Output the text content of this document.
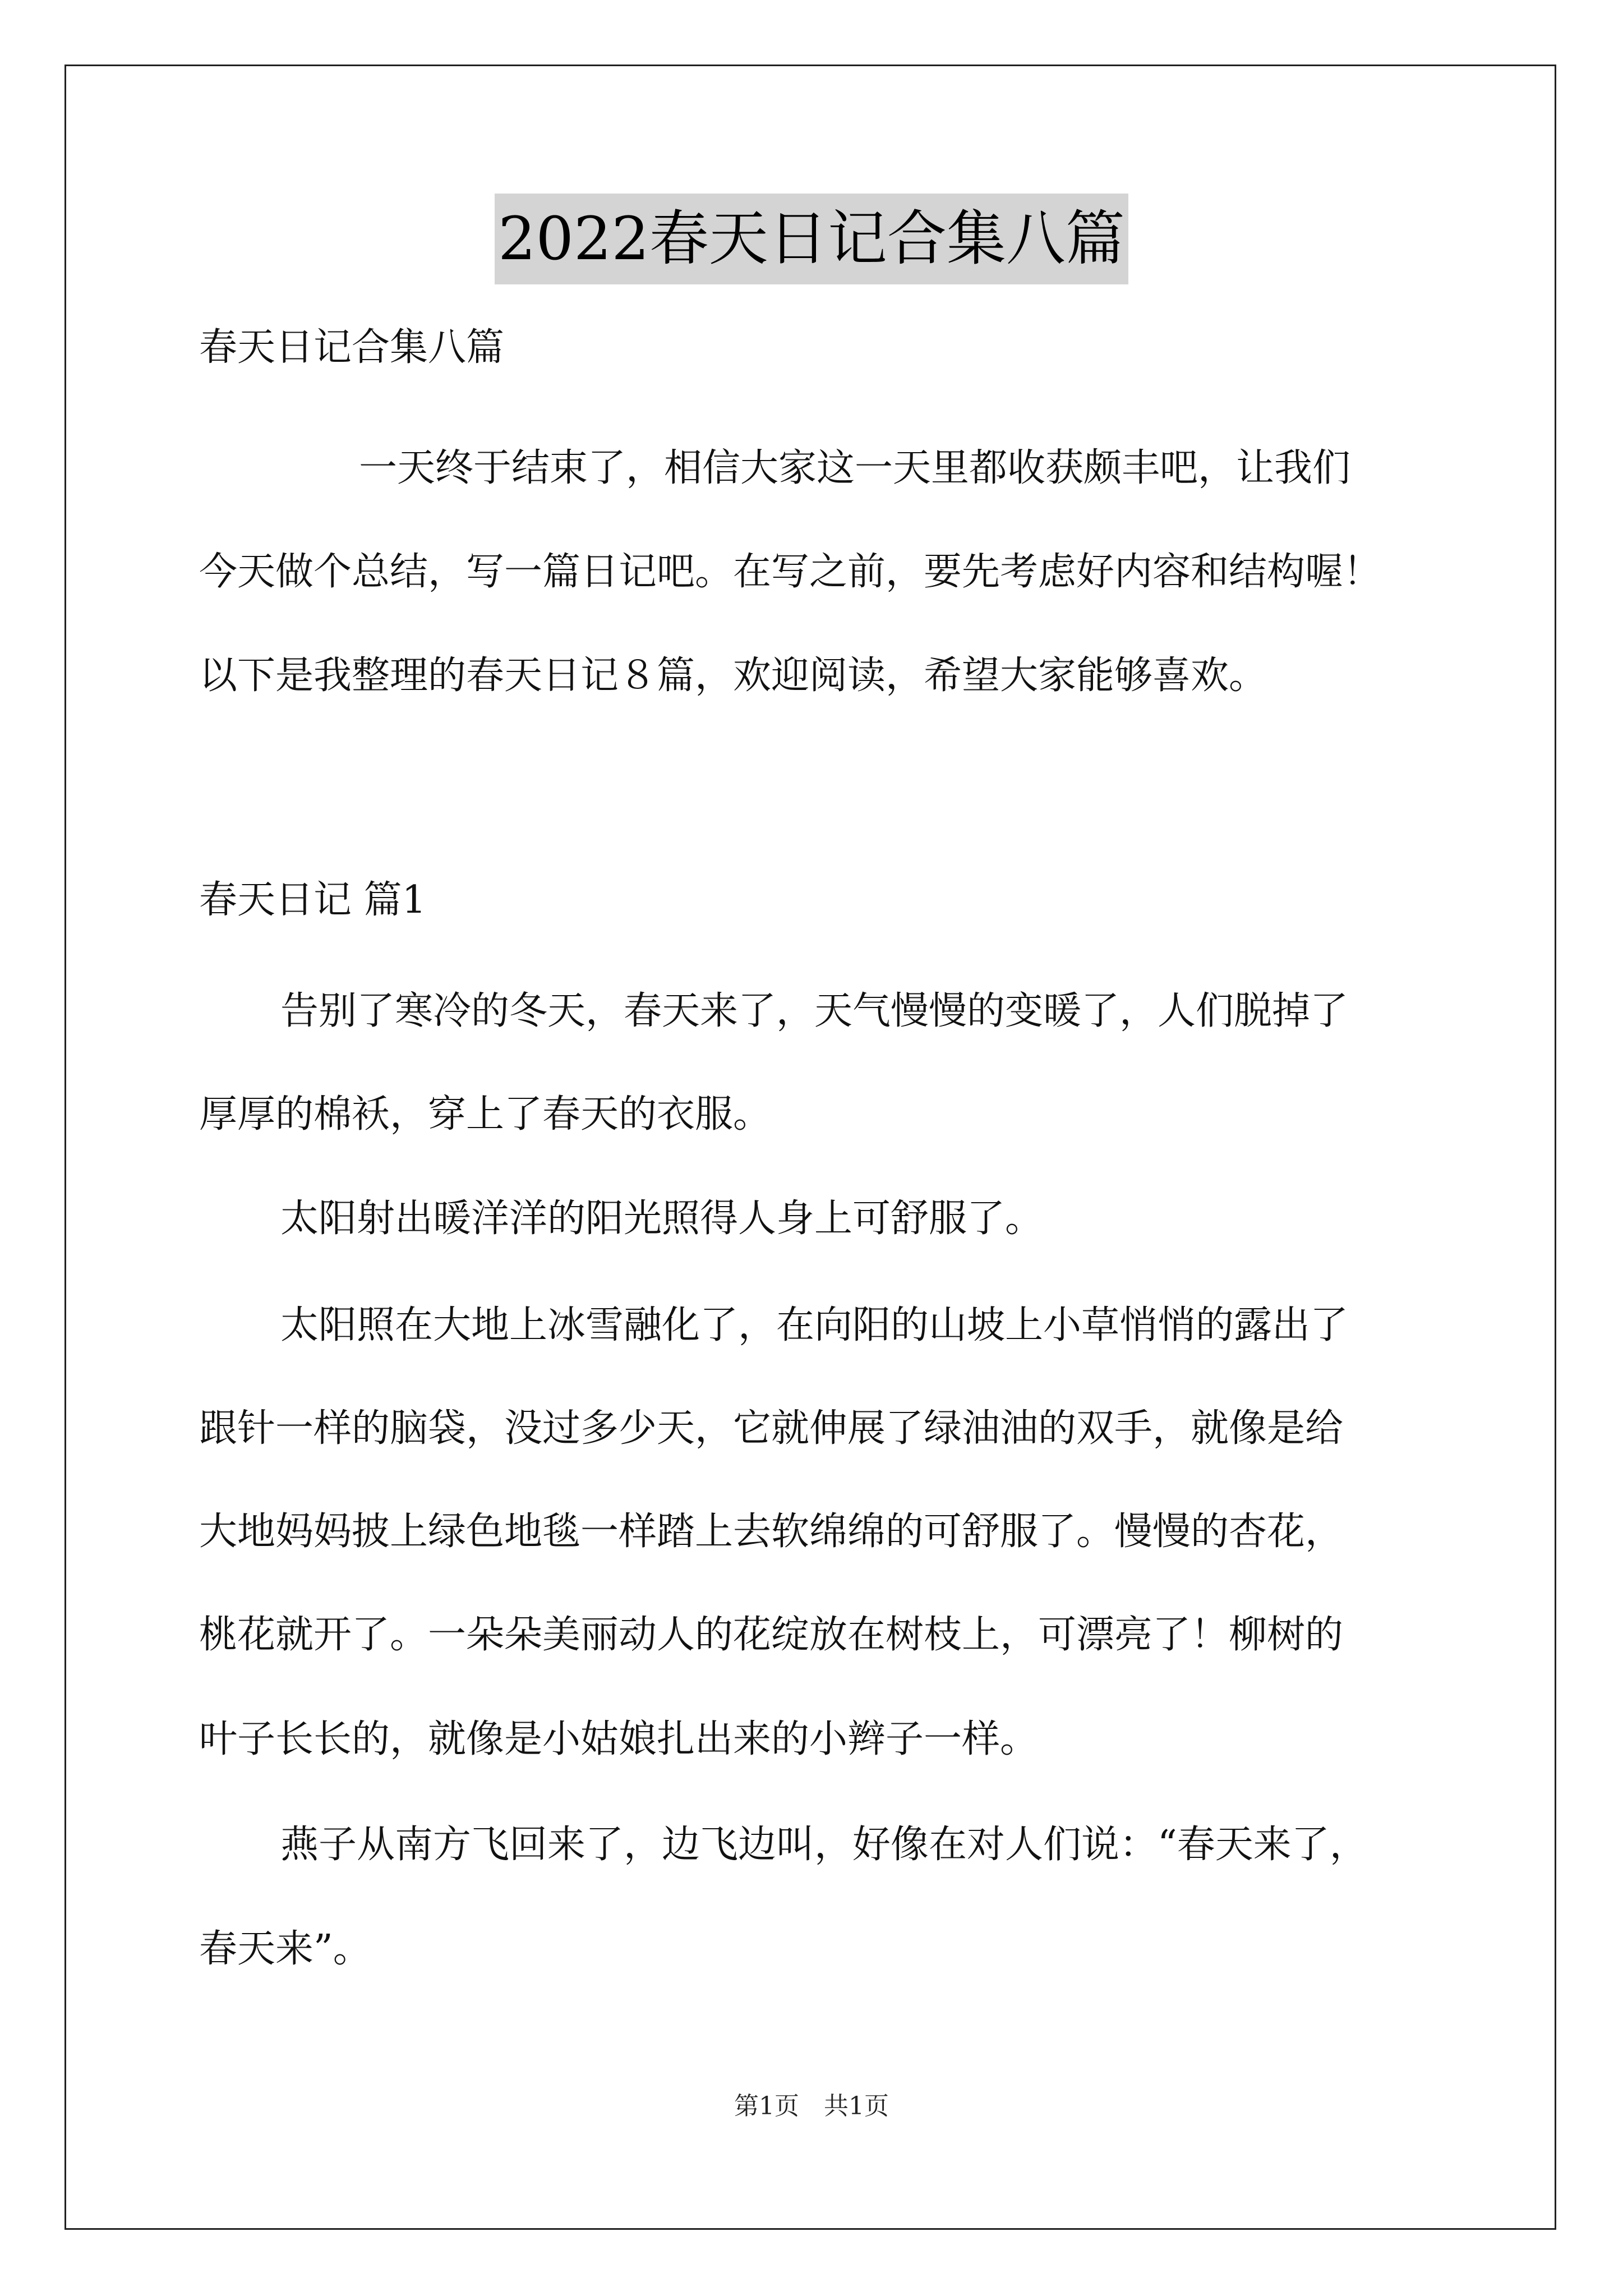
2022春天日记合集八篇
春天日记合集八篇
一天终于结束了，相信大家这一天里都收获颇丰吧，让我们
今天做个总结，写一篇日记吧。在写之前，要先考虑好内容和结构喔！
以下是我整理的春天日记８篇，欢迎阅读，希望大家能够喜欢。
春天日记 篇1
告别了寒冷的冬天，春天来了，天气慢慢的变暖了，人们脱掉了
厚厚的棉袄，穿上了春天的衣服。
太阳射出暖洋洋的阳光照得人身上可舒服了。
太阳照在大地上冰雪融化了，在向阳的山坡上小草悄悄的露出了
跟针一样的脑袋，没过多少天，它就伸展了绿油油的双手，就像是给
大地妈妈披上绿色地毯一样踏上去软绵绵的可舒服了。慢慢的杏花，
桃花就开了。一朵朵美丽动人的花绽放在树枝上，可漂亮了！柳树的
叶子长长的，就像是小姑娘扎出来的小辫子一样。
燕子从南方飞回来了，边飞边叫，好像在对人们说：“春天来了，
春天来”。
第1页　共1页
